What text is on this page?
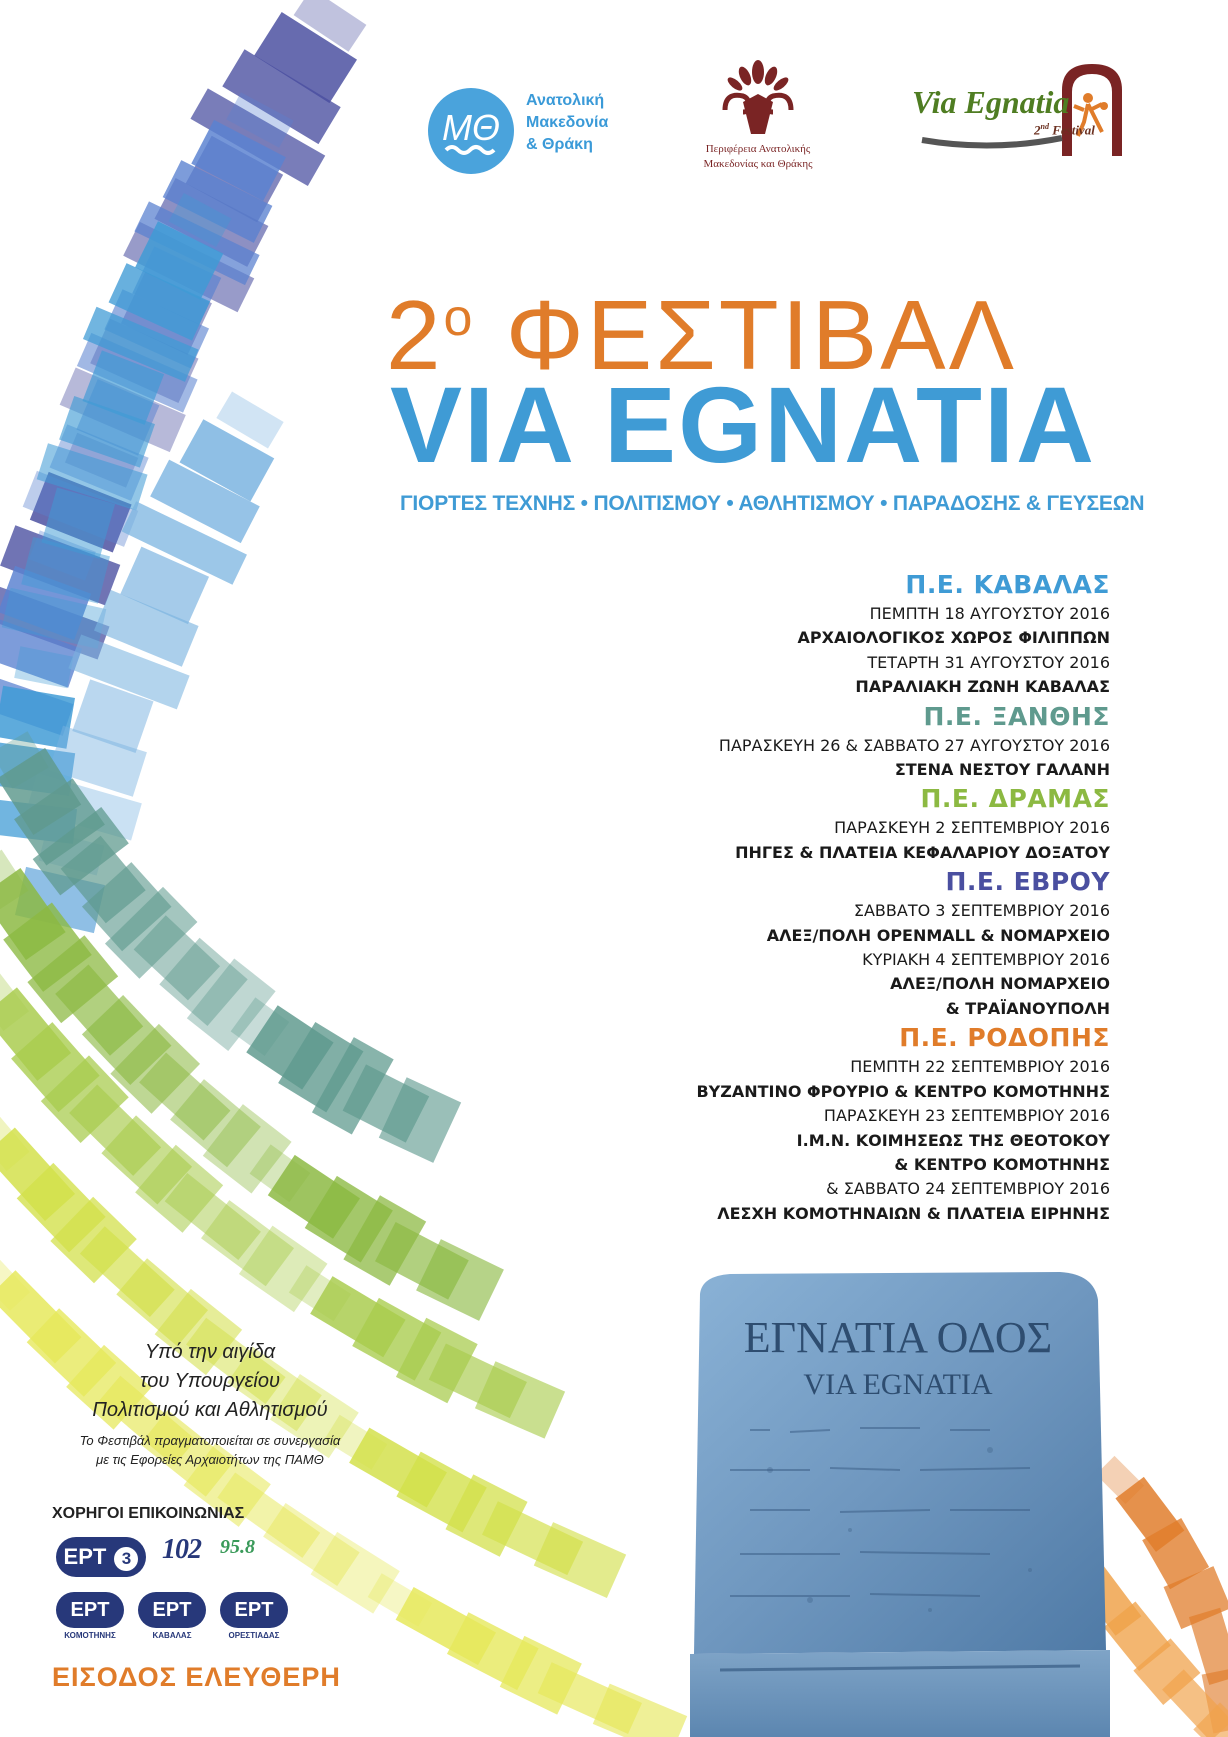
ΜΘ
Ανατολική
Μακεδονία
& Θράκη	Περιφέρεια Ανατολικής
Μακεδονίας και Θράκης
Via Egnatia
2nd Festival
$2^o$ ΦΕΣΤΙΒΑΛ
VIA EGNATIA
ΓΙΟΡΤΕΣ ΤΕΧΝΗΣ • ΠΟΛΙΤΙΣΜΟΥ • ΑΘΛΗΤΙΣΜΟΥ • ΠΑΡΑΔΟΣΗΣ & ΓΕΥΣΕΩΝ
Π.Ε. ΚΑΒΑΛΑΣ
ΠΕΜΠΤΗ 18 ΑΥΓΟΥΣΤΟΥ 2016
ΑΡΧΑΙΟΛΟΓΙΚΟΣ ΧΩΡΟΣ ΦΙΛΙΠΠΩΝ
ΤΕΤΑΡΤΗ 31 ΑΥΓΟΥΣΤΟΥ 2016
ΠΑΡΑΛΙΑΚΗ ΖΩΝΗ ΚΑΒΑΛΑΣ
Π.Ε. ΞΑΝΘΗΣ
ΠΑΡΑΣΚΕΥΗ 26 & ΣΑΒΒΑΤΟ 27 ΑΥΓΟΥΣΤΟΥ 2016
ΣΤΕΝΑ ΝΕΣΤΟΥ ΓΑΛΑΝΗ
Π.Ε. ΔΡΑΜΑΣ
ΠΑΡΑΣΚΕΥΗ 2 ΣΕΠΤΕΜΒΡΙΟΥ 2016
ΠΗΓΕΣ & ΠΛΑΤΕΙΑ ΚΕΦΑΛΑΡΙΟΥ ΔΟΞΑΤΟΥ
Π.Ε. ΕΒΡΟΥ
ΣΑΒΒΑΤΟ 3 ΣΕΠΤΕΜΒΡΙΟΥ 2016
ΑΛΕΞ/ΠΟΛΗ OPENMALL & ΝΟΜΑΡΧΕΙΟ
ΚΥΡΙΑΚΗ 4 ΣΕΠΤΕΜΒΡΙΟΥ 2016
ΑΛΕΞ/ΠΟΛΗ ΝΟΜΑΡΧΕΙΟ
& ΤΡΑΪΑΝΟΥΠΟΛΗ
Π.Ε. ΡΟΔΟΠΗΣ
ΠΕΜΠΤΗ 22 ΣΕΠΤΕΜΒΡΙΟΥ 2016
ΒΥΖΑΝΤΙΝΟ ΦΡΟΥΡΙΟ & ΚΕΝΤΡΟ ΚΟΜΟΤΗΝΗΣ
ΠΑΡΑΣΚΕΥΗ 23 ΣΕΠΤΕΜΒΡΙΟΥ 2016
Ι.Μ.Ν. ΚΟΙΜΗΣΕΩΣ ΤΗΣ ΘΕΟΤΟΚΟΥ
& ΚΕΝΤΡΟ ΚΟΜΟΤΗΝΗΣ
& ΣΑΒΒΑΤΟ 24 ΣΕΠΤΕΜΒΡΙΟΥ 2016
ΛΕΣΧΗ ΚΟΜΟΤΗΝΑΙΩΝ & ΠΛΑΤΕΙΑ ΕΙΡΗΝΗΣ
ΕΓΝΑΤΙΑ ΟΔΟΣ
VIA EGNATIA
Υπό την αιγίδα
του Υπουργείου
Πολιτισμού και Αθλητισμού
Το Φεστιβάλ πραγματοποιείται σε συνεργασία
με τις Εφορείες Αρχαιοτήτων της ΠΑΜΘ
ΧΟΡΗΓΟΙ ΕΠΙΚΟΙΝΩΝΙΑΣ
ΕΡΤ 3	102 95.8
ΕΡΤ
ΚΟΜΟΤΗΝΗΣ
ΕΡΤ
ΚΑΒΑΛΑΣ
ΕΡΤ
ΟΡΕΣΤΙΑΔΑΣ
ΕΙΣΟΔΟΣ ΕΛΕΥΘΕΡΗ
